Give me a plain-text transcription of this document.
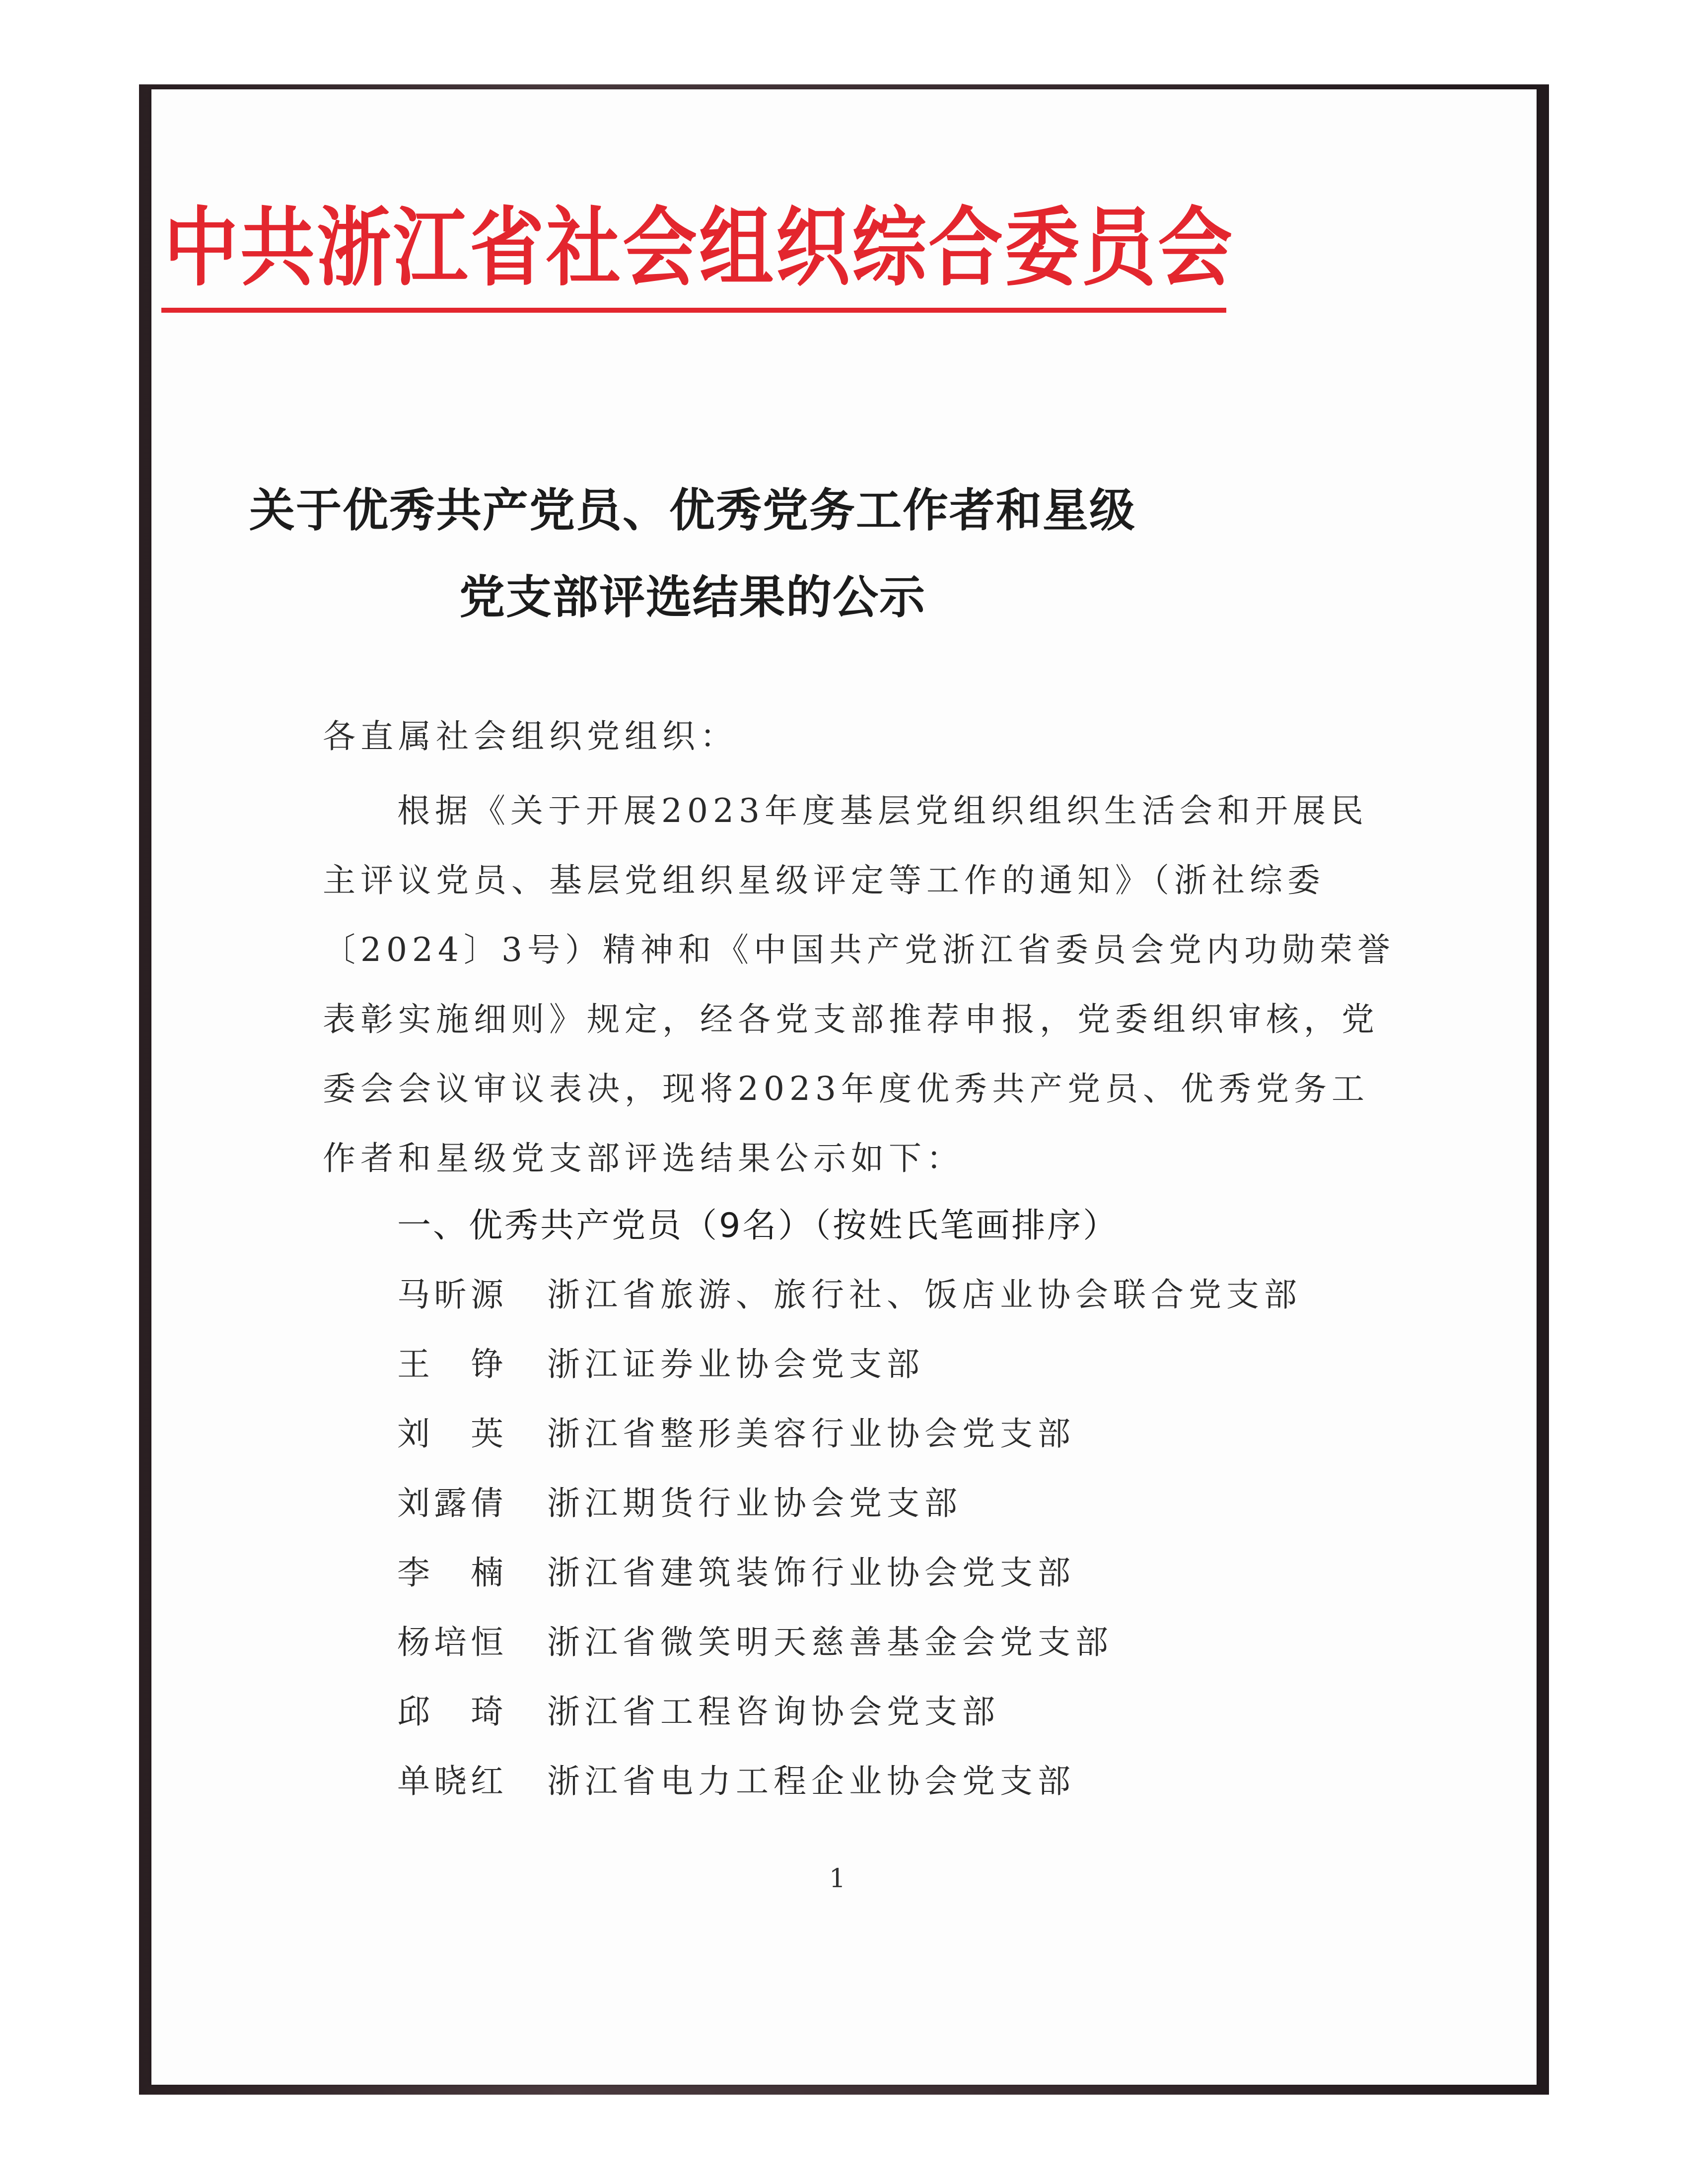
中共浙江省社会组织综合委员会
关于优秀共产党员、优秀党务工作者和星级
党支部评选结果的公示
各直属社会组织党组织：
根据《关于开展2023年度基层党组织组织生活会和开展民
主评议党员、基层党组织星级评定等工作的通知》（浙社综委
〔2024〕3号）精神和《中国共产党浙江省委员会党内功勋荣誉
表彰实施细则》规定，经各党支部推荐申报，党委组织审核，党
委会会议审议表决，现将2023年度优秀共产党员、优秀党务工
作者和星级党支部评选结果公示如下：
一、优秀共产党员（9名）（按姓氏笔画排序）
马昕源 浙江省旅游、旅行社、饭店业协会联合党支部
王　铮 浙江证券业协会党支部
刘　英 浙江省整形美容行业协会党支部
刘露倩 浙江期货行业协会党支部
李　楠 浙江省建筑装饰行业协会党支部
杨培恒 浙江省微笑明天慈善基金会党支部
邱　琦 浙江省工程咨询协会党支部
单晓红 浙江省电力工程企业协会党支部
1
